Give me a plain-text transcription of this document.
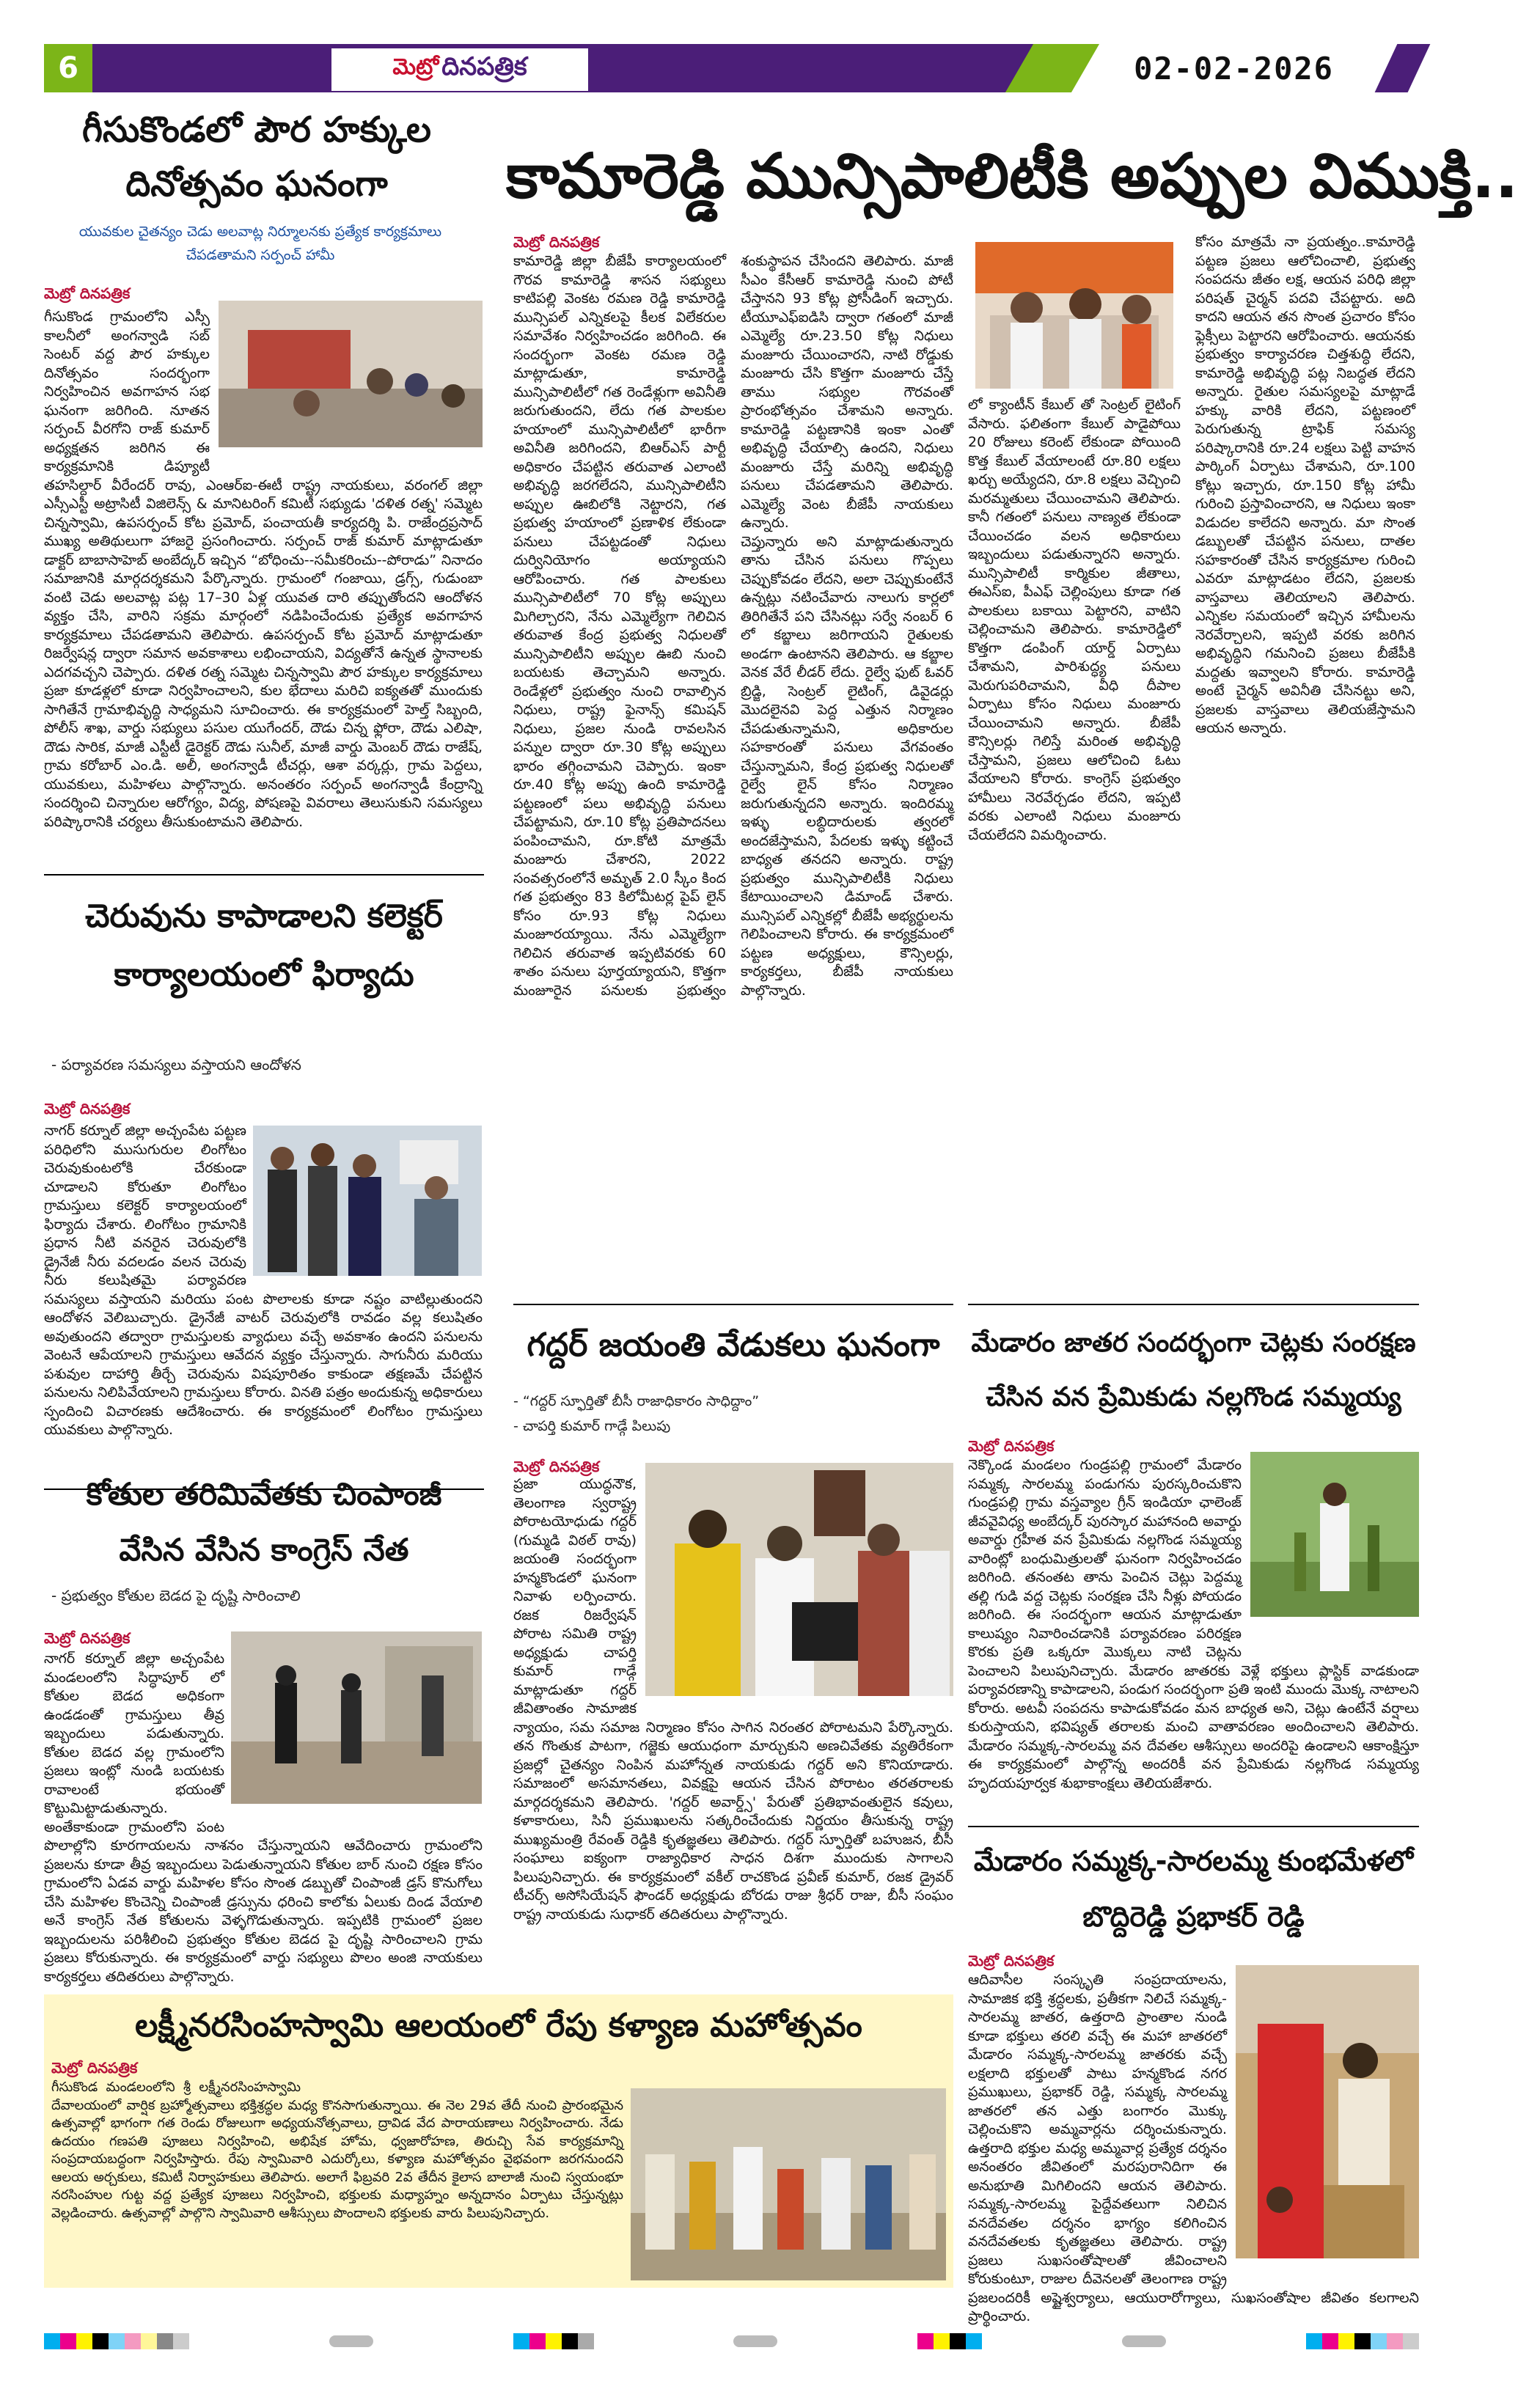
6	మెట్రో దినపత్రిక	02-02-2026
కామారెడ్డి మున్సిపాలిటీకి అప్పుల విముక్తి..
గీసుకొండలో పౌర హక్కుల దినోత్సవం ఘనంగా
యువకుల చైతన్యం చెడు అలవాట్ల నిర్మూలనకు ప్రత్యేక కార్యక్రమాలు చేపడతామని సర్పంచ్ హామీ
మెట్రో దినపత్రిక
గీసుకొండ గ్రామంలోని ఎస్సీ కాలనీలో అంగన్వాడి సబ్ సెంటర్ వద్ద పౌర హక్కుల దినోత్సవం సందర్భంగా నిర్వహించిన అవగాహన సభ ఘనంగా జరిగింది. నూతన సర్పంచ్ వీరగోని రాజ్ కుమార్ అధ్యక్షతన జరిగిన ఈ కార్యక్రమానికి డిప్యూటీ తహసిల్దార్ వీరేందర్ రావు, ఎంఆర్ఐ-ఈటీ రాష్ట్ర నాయకులు, వరంగల్ జిల్లా ఎస్సీఎస్టీ అట్రాసిటీ విజిలెన్స్ & మానిటరింగ్ కమిటీ సభ్యుడు 'దళిత రత్న' సమ్మెట చిన్నస్వామి, ఉపసర్పంచ్ కోట ప్రమోద్, పంచాయతీ కార్యదర్శి పి. రాజేంద్రప్రసాద్ ముఖ్య అతిథులుగా హాజరై ప్రసంగించారు. సర్పంచ్ రాజ్ కుమార్ మాట్లాడుతూ డాక్టర్ బాబాసాహెబ్ అంబేద్కర్ ఇచ్చిన “బోధించు--సమీకరించు--పోరాడు” నినాదం సమాజానికి మార్గదర్శకమని పేర్కొన్నారు. గ్రామంలో గంజాయి, డ్రగ్స్, గుడుంబా వంటి చెడు అలవాట్ల పట్ల 17–30 ఏళ్ల యువత దారి తప్పుతోందని ఆందోళన వ్యక్తం చేసి, వారిని సక్రమ మార్గంలో నడిపించేందుకు ప్రత్యేక అవగాహన కార్యక్రమాలు చేపడతామని తెలిపారు. ఉపసర్పంచ్ కోట ప్రమోద్ మాట్లాడుతూ రిజర్వేషన్ల ద్వారా సమాన అవకాశాలు లభించాయని, విద్యతోనే ఉన్నత స్థానాలకు ఎదగవచ్చని చెప్పారు. దళిత రత్న సమ్మెట చిన్నస్వామి పౌర హక్కుల కార్యక్రమాలు ప్రజా కూడళ్లలో కూడా నిర్వహించాలని, కుల భేదాలు మరిచి ఐక్యతతో ముందుకు సాగితేనే గ్రామాభివృద్ధి సాధ్యమని సూచించారు. ఈ కార్యక్రమంలో హెల్త్ సిబ్బంది, పోలీస్ శాఖ, వార్డు సభ్యులు పసుల యుగేందర్, దౌడు చిన్న ఫ్లోరా, దౌడు ఎలిషా, దౌడు సారిక, మాజీ ఎస్టీటీ డైరెక్టర్ దౌడు సునీల్, మాజీ వార్డు మెంబర్ దౌడు రాజేష్, గ్రామ కరోబార్ ఎం.డి. అలీ, అంగన్వాడీ టీచర్లు, ఆశా వర్కర్లు, గ్రామ పెద్దలు, యువకులు, మహిళలు పాల్గొన్నారు. అనంతరం సర్పంచ్ అంగన్వాడీ కేంద్రాన్ని సందర్శించి చిన్నారుల ఆరోగ్యం, విద్య, పోషణపై వివరాలు తెలుసుకుని సమస్యలు పరిష్కారానికి చర్యలు తీసుకుంటామని తెలిపారు.
చెరువును కాపాడాలని కలెక్టర్ కార్యాలయంలో ఫిర్యాదు
- పర్యావరణ సమస్యలు వస్తాయని ఆందోళన
మెట్రో దినపత్రిక
నాగర్ కర్నూల్ జిల్లా అచ్చంపేట పట్టణ పరిధిలోని ముసుగురుల లింగోటం చెరువుకుంటలోకి చేరకుండా చూడాలని కోరుతూ లింగోటం గ్రామస్తులు కలెక్టర్ కార్యాలయంలో ఫిర్యాదు చేశారు. లింగోటం గ్రామానికి ప్రధాన నీటి వనరైన చెరువులోకి డ్రైనేజీ నీరు వదలడం వలన చెరువు నీరు కలుషితమై పర్యావరణ సమస్యలు వస్తాయని మరియు పంట పొలాలకు కూడా నష్టం వాటిల్లుతుందని ఆందోళన వెలిబుచ్చారు. డ్రైనేజీ వాటర్ చెరువులోకి రావడం వల్ల కలుషితం అవుతుందని తద్వారా గ్రామస్తులకు వ్యాధులు వచ్చే అవకాశం ఉందని పనులను వెంటనే ఆపేయాలని గ్రామస్తులు ఆవేదన వ్యక్తం చేస్తున్నారు. సాగునీరు మరియు పశువుల దాహార్తి తీర్చే చెరువును విషపూరితం కాకుండా తక్షణమే చేపట్టిన పనులను నిలిపివేయాలని గ్రామస్తులు కోరారు. వినతి పత్రం అందుకున్న అధికారులు స్పందించి విచారణకు ఆదేశించారు. ఈ కార్యక్రమంలో లింగోటం గ్రామస్తులు యువకులు పాల్గొన్నారు.
కోతుల తరిమివేతకు చింపాంజీ వేసిన వేసిన కాంగ్రెస్ నేత
- ప్రభుత్వం కోతుల బెడద పై దృష్టి సారించాలి
మెట్రో దినపత్రిక
నాగర్ కర్నూల్ జిల్లా అచ్చంపేట మండలంలోని సిద్ధాపూర్ లో కోతుల బెడద అధికంగా ఉండడంతో గ్రామస్తులు తీవ్ర ఇబ్బందులు పడుతున్నారు. కోతుల బెడద వల్ల గ్రామంలోని ప్రజలు ఇంట్లో నుండి బయటకు రావాలంటే భయంతో కొట్టుమిట్టాడుతున్నారు. అంతేకాకుండా గ్రామంలోని పంట పొలాల్లోని కూరగాయలను నాశనం చేస్తున్నాయని ఆవేదించారు గ్రామంలోని ప్రజలను కూడా తీవ్ర ఇబ్బందులు పెడుతున్నాయని కోతుల బార్ నుంచి రక్షణ కోసం గ్రామంలోని ఏడవ వార్డు మహిళల కోసం సొంత డబ్బుతో చింపాంజీ డ్రస్ కొనుగోలు చేసి మహిళల కొంచెన్ని చింపాంజీ డ్రస్సును ధరించి కాలోకు ఏలుకు దిండ వేయాలి అనే కాంగ్రెస్ నేత కోతులను వెళ్ళగొడుతున్నారు. ఇప్పటికి గ్రామంలో ప్రజల ఇబ్బందులను పరిశీలించి ప్రభుత్వం కోతుల బెడద పై దృష్టి సారించాలని గ్రామ ప్రజలు కోరుకున్నారు. ఈ కార్యక్రమంలో వార్డు సభ్యులు పొలం అంజి నాయకులు కార్యకర్తలు తదితరులు పాల్గొన్నారు.
మెట్రో దినపత్రిక
కామారెడ్డి జిల్లా బీజేపీ కార్యాలయంలో గౌరవ కామారెడ్డి శాసన సభ్యులు కాటిపల్లి వెంకట రమణ రెడ్డి కామారెడ్డి మున్సిపల్ ఎన్నికలపై కీలక విలేకరుల సమావేశం నిర్వహించడం జరిగింది. ఈ సందర్భంగా వెంకట రమణ రెడ్డి మాట్లాడుతూ, కామారెడ్డి మున్సిపాలిటీలో గత రెండేళ్లుగా అవినీతి జరుగుతుందని, లేదు గత పాలకుల హయాంలో మున్సిపాలిటీలో భారీగా అవినీతి జరిగిందని, బిఆర్ఎస్ పార్టీ అధికారం చేపట్టిన తరువాత ఎలాంటి అభివృద్ధి జరగలేదని, మున్సిపాలిటీని అప్పుల ఊబిలోకి నెట్టారని, గత ప్రభుత్వ హయాంలో ప్రణాళిక లేకుండా పనులు చేపట్టడంతో నిధులు దుర్వినియోగం అయ్యాయని ఆరోపించారు. గత పాలకులు మున్సిపాలిటీలో 70 కోట్ల అప్పులు మిగిల్చారని, నేను ఎమ్మెల్యేగా గెలిచిన తరువాత కేంద్ర ప్రభుత్వ నిధులతో మున్సిపాలిటీని అప్పుల ఊబి నుంచి బయటకు తెచ్చామని అన్నారు. రెండేళ్లలో ప్రభుత్వం నుంచి రావాల్సిన నిధులు, రాష్ట్ర ఫైనాన్స్ కమిషన్ నిధులు, ప్రజల నుండి రావలసిన పన్నుల ద్వారా రూ.30 కోట్ల అప్పులు భారం తగ్గించామని చెప్పారు. ఇంకా రూ.40 కోట్ల అప్పు ఉంది కామారెడ్డి పట్టణంలో పలు అభివృద్ధి పనులు చేపట్టామని, రూ.10 కోట్ల ప్రతిపాదనలు పంపించామని, రూ.కోటి మాత్రమే మంజూరు చేశారని, 2022 సంవత్సరంలోనే అమృత్ 2.0 స్కీం కింద గత ప్రభుత్వం 83 కిలోమీటర్ల పైప్ లైన్ కోసం రూ.93 కోట్ల నిధులు మంజూరయ్యాయి. నేను ఎమ్మెల్యేగా గెలిచిన తరువాత ఇప్పటివరకు 60 శాతం పనులు పూర్తయ్యాయని, కొత్తగా మంజూరైన పనులకు ప్రభుత్వం శంకుస్థాపన చేసిందని తెలిపారు. మాజీ సీఎం కేసీఆర్ కామారెడ్డి నుంచి పోటీ చేస్తానని 93 కోట్ల ప్రోసీడింగ్ ఇచ్చారు. టీయూఎఫ్ఐడిసి ద్వారా గతంలో మాజీ ఎమ్మెల్యే రూ.23.50 కోట్ల నిధులు మంజూరు చేయించారని, నాటి రోడ్డుకు మంజూరు చేసి కొత్తగా మంజూరు చేస్తే తాము సభ్యుల గౌరవంతో ప్రారంభోత్సవం చేశామని అన్నారు. కామారెడ్డి పట్టణానికి ఇంకా ఎంతో అభివృద్ధి చేయాల్సి ఉందని, నిధులు మంజూరు చేస్తే మరిన్ని అభివృద్ధి పనులు చేపడతామని తెలిపారు. ఎమ్మెల్యే వెంట బీజేపీ నాయకులు ఉన్నారు.
చెప్తున్నారు అని మాట్లాడుతున్నారు తాను చేసిన పనులు గొప్పలు చెప్పుకోవడం లేదని, అలా చెప్పుకుంటేనే ఉన్నట్లు నటించేవారు నాలుగు కార్లలో తిరిగితేనే పని చేసినట్లు సర్వే నంబర్ 6 లో కబ్జాలు జరిగాయని రైతులకు అండగా ఉంటానని తెలిపారు. ఆ కబ్జాల వెనక వేరే లీడర్ లేదు. రైల్వే ఫుట్ ఓవర్ బ్రిడ్జి, సెంట్రల్ లైటింగ్, డివైడర్లు మొదలైనవి పెద్ద ఎత్తున నిర్మాణం చేపడుతున్నామని, అధికారుల సహకారంతో పనులు వేగవంతం చేస్తున్నామని, కేంద్ర ప్రభుత్వ నిధులతో రైల్వే లైన్ కోసం నిర్మాణం జరుగుతున్నదని అన్నారు. ఇందిరమ్మ ఇళ్ళు లబ్ధిదారులకు త్వరలో అందజేస్తామని, పేదలకు ఇళ్ళు కట్టించే బాధ్యత తనదని అన్నారు. రాష్ట్ర ప్రభుత్వం మున్సిపాలిటీకి నిధులు కేటాయించాలని డిమాండ్ చేశారు. మున్సిపల్ ఎన్నికల్లో బీజేపీ అభ్యర్థులను గెలిపించాలని కోరారు. ఈ కార్యక్రమంలో పట్టణ అధ్యక్షులు, కౌన్సిలర్లు, కార్యకర్తలు, బీజేపీ నాయకులు పాల్గొన్నారు.
లో క్యాంటీన్ కేబుల్ తో సెంట్రల్ లైటింగ్ వేసారు. ఫలితంగా కేబుల్ పాడైపోయి 20 రోజులు కరెంట్ లేకుండా పోయింది కొత్త కేబుల్ వేయాలంటే రూ.80 లక్షలు ఖర్చు అయ్యేదని, రూ.8 లక్షలు వెచ్చించి మరమ్మతులు చేయించామని తెలిపారు. కానీ గతంలో పనులు నాణ్యత లేకుండా చేయించడం వలన అధికారులు ఇబ్బందులు పడుతున్నారని అన్నారు. మున్సిపాలిటీ కార్మికుల జీతాలు, ఈఎస్ఐ, పీఎఫ్ చెల్లింపులు కూడా గత పాలకులు బకాయి పెట్టారని, వాటిని చెల్లించామని తెలిపారు. కామారెడ్డిలో కొత్తగా డంపింగ్ యార్డ్ ఏర్పాటు చేశామని, పారిశుద్ధ్య పనులు మెరుగుపరిచామని, వీధి దీపాల ఏర్పాటు కోసం నిధులు మంజూరు చేయించామని అన్నారు. బీజేపీ కౌన్సిలర్లు గెలిస్తే మరింత అభివృద్ధి చేస్తామని, ప్రజలు ఆలోచించి ఓటు వేయాలని కోరారు. కాంగ్రెస్ ప్రభుత్వం హామీలు నెరవేర్చడం లేదని, ఇప్పటి వరకు ఎలాంటి నిధులు మంజూరు చేయలేదని విమర్శించారు.
కోసం మాత్రమే నా ప్రయత్నం..కామారెడ్డి పట్టణ ప్రజలు ఆలోచించాలి, ప్రభుత్వ సంపదను జీతం లక్ష, ఆయన పరిధి జిల్లా పరిషత్ చైర్మన్ పదవి చేపట్టారు. అది కాదని ఆయన తన సొంత ప్రచారం కోసం ఫ్లెక్సీలు పెట్టారని ఆరోపించారు. ఆయనకు ప్రభుత్వం కార్యాచరణ చిత్తశుద్ధి లేదని, కామారెడ్డి అభివృద్ధి పట్ల నిబద్ధత లేదని అన్నారు. రైతుల సమస్యలపై మాట్లాడే హక్కు వారికి లేదని, పట్టణంలో పెరుగుతున్న ట్రాఫిక్ సమస్య పరిష్కారానికి రూ.24 లక్షలు పెట్టి వాహన పార్కింగ్ ఏర్పాటు చేశామని, రూ.100 కోట్లు ఇచ్చారు, రూ.150 కోట్ల హామీ గురించి ప్రస్తావించారని, ఆ నిధులు ఇంకా విడుదల కాలేదని అన్నారు. మా సొంత డబ్బులతో చేపట్టిన పనులు, దాతల సహకారంతో చేసిన కార్యక్రమాల గురించి ఎవరూ మాట్లాడటం లేదని, ప్రజలకు వాస్తవాలు తెలియాలని తెలిపారు. ఎన్నికల సమయంలో ఇచ్చిన హామీలను నెరవేర్చాలని, ఇప్పటి వరకు జరిగిన అభివృద్ధిని గమనించి ప్రజలు బీజేపీకి మద్దతు ఇవ్వాలని కోరారు. కామారెడ్డి అంటే చైర్మన్ అవినీతి చేసినట్టు అని, ప్రజలకు వాస్తవాలు తెలియజేస్తామని ఆయన అన్నారు.
గద్దర్ జయంతి వేడుకలు ఘనంగా
- “గద్దర్ స్ఫూర్తితో బీసీ రాజాధికారం సాధిద్దాం”
- చాపర్తి కుమార్ గాడ్గే పిలుపు
మెట్రో దినపత్రిక
ప్రజా యుద్ధనౌక, తెలంగాణ స్వరాష్ట్ర పోరాటయోధుడు గద్దర్ (గుమ్మడి విఠల్ రావు) జయంతి సందర్భంగా హన్మకొండలో ఘనంగా నివాళు లర్పించారు. రజక రిజర్వేషన్ పోరాట సమితి రాష్ట్ర అధ్యక్షుడు చాపర్తి కుమార్ గాడ్గే మాట్లాడుతూ గద్దర్ జీవితాంతం సామాజిక న్యాయం, సమ సమాజ నిర్మాణం కోసం సాగిన నిరంతర పోరాటమని పేర్కొన్నారు. తన గొంతుక పాటగా, గజ్జెకు ఆయుధంగా మార్చుకుని అణచివేతకు వ్యతిరేకంగా ప్రజల్లో చైతన్యం నింపిన మహోన్నత నాయకుడు గద్దర్ అని కొనియాడారు. సమాజంలో అసమానతలు, వివక్షపై ఆయన చేసిన పోరాటం తరతరాలకు మార్గదర్శకమని తెలిపారు. 'గద్దర్ అవార్డ్స్' పేరుతో ప్రతిభావంతులైన కవులు, కళాకారులు, సినీ ప్రముఖులను సత్కరించేందుకు నిర్ణయం తీసుకున్న రాష్ట్ర ముఖ్యమంత్రి రేవంత్ రెడ్డికి కృతజ్ఞతలు తెలిపారు. గద్దర్ స్ఫూర్తితో బహుజన, బీసీ సంఘాలు ఐక్యంగా రాజ్యాధికార సాధన దిశగా ముందుకు సాగాలని పిలుపునిచ్చారు. ఈ కార్యక్రమంలో వకీల్ రాచకొండ ప్రవీణ్ కుమార్, రజక డ్రైవర్ టీచర్స్ అసోసియేషన్ ఫౌండర్ అధ్యక్షుడు బోరడు రాజు శ్రీధర్ రాజు, బీసీ సంఘం రాష్ట్ర నాయకుడు సుధాకర్ తదితరులు పాల్గొన్నారు.
మేడారం జాతర సందర్భంగా చెట్లకు సంరక్షణ చేసిన వన ప్రేమికుడు నల్లగొండ సమ్మయ్య
మెట్రో దినపత్రిక
నెక్కొండ మండలం గుండ్రపల్లి గ్రామంలో మేడారం సమ్మక్క సారలమ్మ పండుగను పురస్కరించుకొని గుండ్రపల్లి గ్రామ వస్తవ్యాల గ్రీన్ ఇండియా ఛాలెంజ్ జీవవైవిధ్య అంబేద్కర్ పురస్కార మహానంది అవార్డు అవార్డు గ్రహీత వన ప్రేమికుడు నల్లగొండ సమ్మయ్య వారింట్లో బంధుమిత్రులతో ఘనంగా నిర్వహించడం జరిగింది. తనంతట తాను పెంచిన చెట్లు పెద్దమ్మ తల్లి గుడి వద్ద చెట్లకు సంరక్షణ చేసి నీళ్లు పోయడం జరిగింది. ఈ సందర్భంగా ఆయన మాట్లాడుతూ కాలుష్యం నివారించడానికి పర్యావరణం పరిరక్షణ కొరకు ప్రతి ఒక్కరూ మొక్కలు నాటి చెట్లను పెంచాలని పిలుపునిచ్చారు. మేడారం జాతరకు వెళ్లే భక్తులు ప్లాస్టిక్ వాడకుండా పర్యావరణాన్ని కాపాడాలని, పండుగ సందర్భంగా ప్రతి ఇంటి ముందు మొక్క నాటాలని కోరారు. అటవీ సంపదను కాపాడుకోవడం మన బాధ్యత అని, చెట్లు ఉంటేనే వర్షాలు కురుస్తాయని, భవిష్యత్ తరాలకు మంచి వాతావరణం అందించాలని తెలిపారు. మేడారం సమ్మక్క-సారలమ్మ వన దేవతల ఆశీస్సులు అందరిపై ఉండాలని ఆకాంక్షిస్తూ ఈ కార్యక్రమంలో పాల్గొన్న అందరికీ వన ప్రేమికుడు నల్లగొండ సమ్మయ్య హృదయపూర్వక శుభాకాంక్షలు తెలియజేశారు.
మేడారం సమ్మక్క-సారలమ్మ కుంభమేళలో బొద్దిరెడ్డి ప్రభాకర్ రెడ్డి
మెట్రో దినపత్రిక
ఆదివాసీల సంస్కృతి సంప్రదాయాలను, సామాజిక భక్తి శ్రద్ధలకు, ప్రతీకగా నిలిచే సమ్మక్క-సారలమ్మ జాతర, ఉత్తరాది ప్రాంతాల నుండి కూడా భక్తులు తరలి వచ్చే ఈ మహా జాతరలో మేడారం సమ్మక్క-సారలమ్మ జాతరకు వచ్చే లక్షలాది భక్తులతో పాటు హన్మకొండ నగర ప్రముఖులు, ప్రభాకర్ రెడ్డి, సమ్మక్క సారలమ్మ జాతరలో తన ఎత్తు బంగారం మొక్కు చెల్లించుకొని అమ్మవార్లను దర్శించుకున్నారు. ఉత్తరాది భక్తుల మధ్య అమ్మవార్ల ప్రత్యేక దర్శనం అనంతరం జీవితంలో మరపురానిదిగా ఈ అనుభూతి మిగిలిందని ఆయన తెలిపారు. సమ్మక్క-సారలమ్మ పైద్దేవతలుగా నిలిచిన వనదేవతల దర్శనం భాగ్యం కలిగించిన వనదేవతలకు కృతజ్ఞతలు తెలిపారు. రాష్ట్ర ప్రజలు సుఖసంతోషాలతో జీవించాలని కోరుకుంటూ, రాజుల దీవెనలతో తెలంగాణ రాష్ట్ర ప్రజలందరికీ అష్టైశ్వర్యాలు, ఆయురారోగ్యాలు, సుఖసంతోషాల జీవితం కలగాలని ప్రార్థించారు.
లక్ష్మీనరసింహస్వామి ఆలయంలో రేపు కళ్యాణ మహోత్సవం
మెట్రో దినపత్రిక
గీసుకొండ మండలంలోని శ్రీ లక్ష్మీనరసింహస్వామి దేవాలయంలో వార్షిక బ్రహ్మోత్సవాలు భక్తిశ్రద్ధల మధ్య కొనసాగుతున్నాయి. ఈ నెల 29వ తేదీ నుంచి ప్రారంభమైన ఉత్సవాల్లో భాగంగా గత రెండు రోజులుగా అధ్యయనోత్సవాలు, ద్రావిడ వేద పారాయణాలు నిర్వహించారు. నేడు ఉదయం గణపతి పూజలు నిర్వహించి, అభిషేక హోమ, ధ్వజారోహణ, తిరుచ్చి సేవ కార్యక్రమాన్ని సంప్రదాయబద్ధంగా నిర్వహిస్తారు. రేపు స్వామివారి ఎదుర్కోలు, కళ్యాణ మహోత్సవం వైభవంగా జరగనుందని ఆలయ అర్చకులు, కమిటీ నిర్వాహకులు తెలిపారు. అలాగే ఫిబ్రవరి 2వ తేదీన కైలాస బాలాజీ నుంచి స్వయంభూ నరసింహుల గుట్ట వద్ద ప్రత్యేక పూజలు నిర్వహించి, భక్తులకు మధ్యాహ్నం అన్నదానం ఏర్పాటు చేస్తున్నట్లు వెల్లడించారు. ఉత్సవాల్లో పాల్గొని స్వామివారి ఆశీస్సులు పొందాలని భక్తులకు వారు పిలుపునిచ్చారు.
